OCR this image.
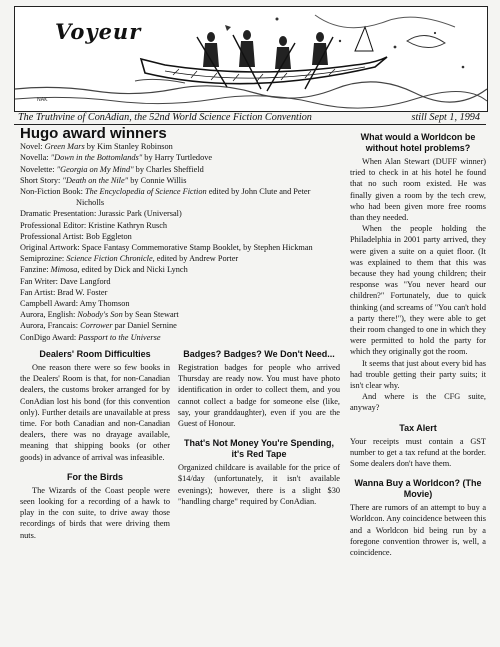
Voyeur
NAK
The Truthvine of ConAdian, the 52nd World Science Fiction Convention	still Sept 1, 1994
Hugo award winners
Novel: Green Mars by Kim Stanley Robinson
Novella: "Down in the Bottomlands" by Harry Turtledove
Novelette: "Georgia on My Mind" by Charles Sheffield
Short Story: "Death on the Nile" by Connie Willis
Non-Fiction Book: The Encyclopedia of Science Fiction edited by John Clute and Peter Nicholls
Dramatic Presentation: Jurassic Park (Universal)
Professional Editor: Kristine Kathryn Rusch
Professional Artist: Bob Eggleton
Original Artwork: Space Fantasy Commemorative Stamp Booklet, by Stephen Hickman
Semiprozine: Science Fiction Chronicle, edited by Andrew Porter
Fanzine: Mimosa, edited by Dick and Nicki Lynch
Fan Writer: Dave Langford
Fan Artist: Brad W. Foster
Campbell Award: Amy Thomson
Aurora, English: Nobody's Son by Sean Stewart
Aurora, Francais: Corrower par Daniel Sernine
ConDigo Award: Passport to the Universe
Dealers' Room Difficulties

One reason there were so few books in the Dealers' Room is that, for non-Canadian dealers, the customs broker arranged for by ConAdian lost his bond (for this convention only). Further details are unavailable at press time. For both Canadian and non-Canadian dealers, there was no drayage available, meaning that shipping books (or other goods) in advance of arrival was infeasible.

For the Birds

The Wizards of the Coast people were seen looking for a recording of a hawk to play in the con suite, to drive away those recordings of birds that were driving them nuts.

Badges? Badges? We Don't Need...

Registration badges for people who arrived Thursday are ready now. You must have photo identification in order to collect them, and you cannot collect a badge for someone else (like, say, your granddaughter), even if you are the Guest of Honour.

That's Not Money You're Spending, it's Red Tape

Organized childcare is available for the price of $14/day (unfortunately, it isn't available evenings); however, there is a slight $30 "handling charge" required by ConAdian.

What would a Worldcon be without hotel problems?

When Alan Stewart (DUFF winner) tried to check in at his hotel he found that no such room existed. He was finally given a room by the tech crew, who had been given more free rooms than they needed.

When the people holding the Philadelphia in 2001 party arrived, they were given a suite on a quiet floor. (It was explained to them that this was because they had young children; their response was "You never heard our children?" Fortunately, due to quick thinking (and screams of "You can't hold a party there!"), they were able to get their room changed to one in which they were permitted to hold the party for which they originally got the room.

It seems that just about every bid has had trouble getting their party suits; it isn't clear why.

And where is the CFG suite, anyway?

Tax Alert

Your receipts must contain a GST number to get a tax refund at the border. Some dealers don't have them.

Wanna Buy a Worldcon? (The Movie)

There are rumors of an attempt to buy a Worldcon. Any coincidence between this and a Worldcon bid being run by a foregone convention thrower is, well, a coincidence.
